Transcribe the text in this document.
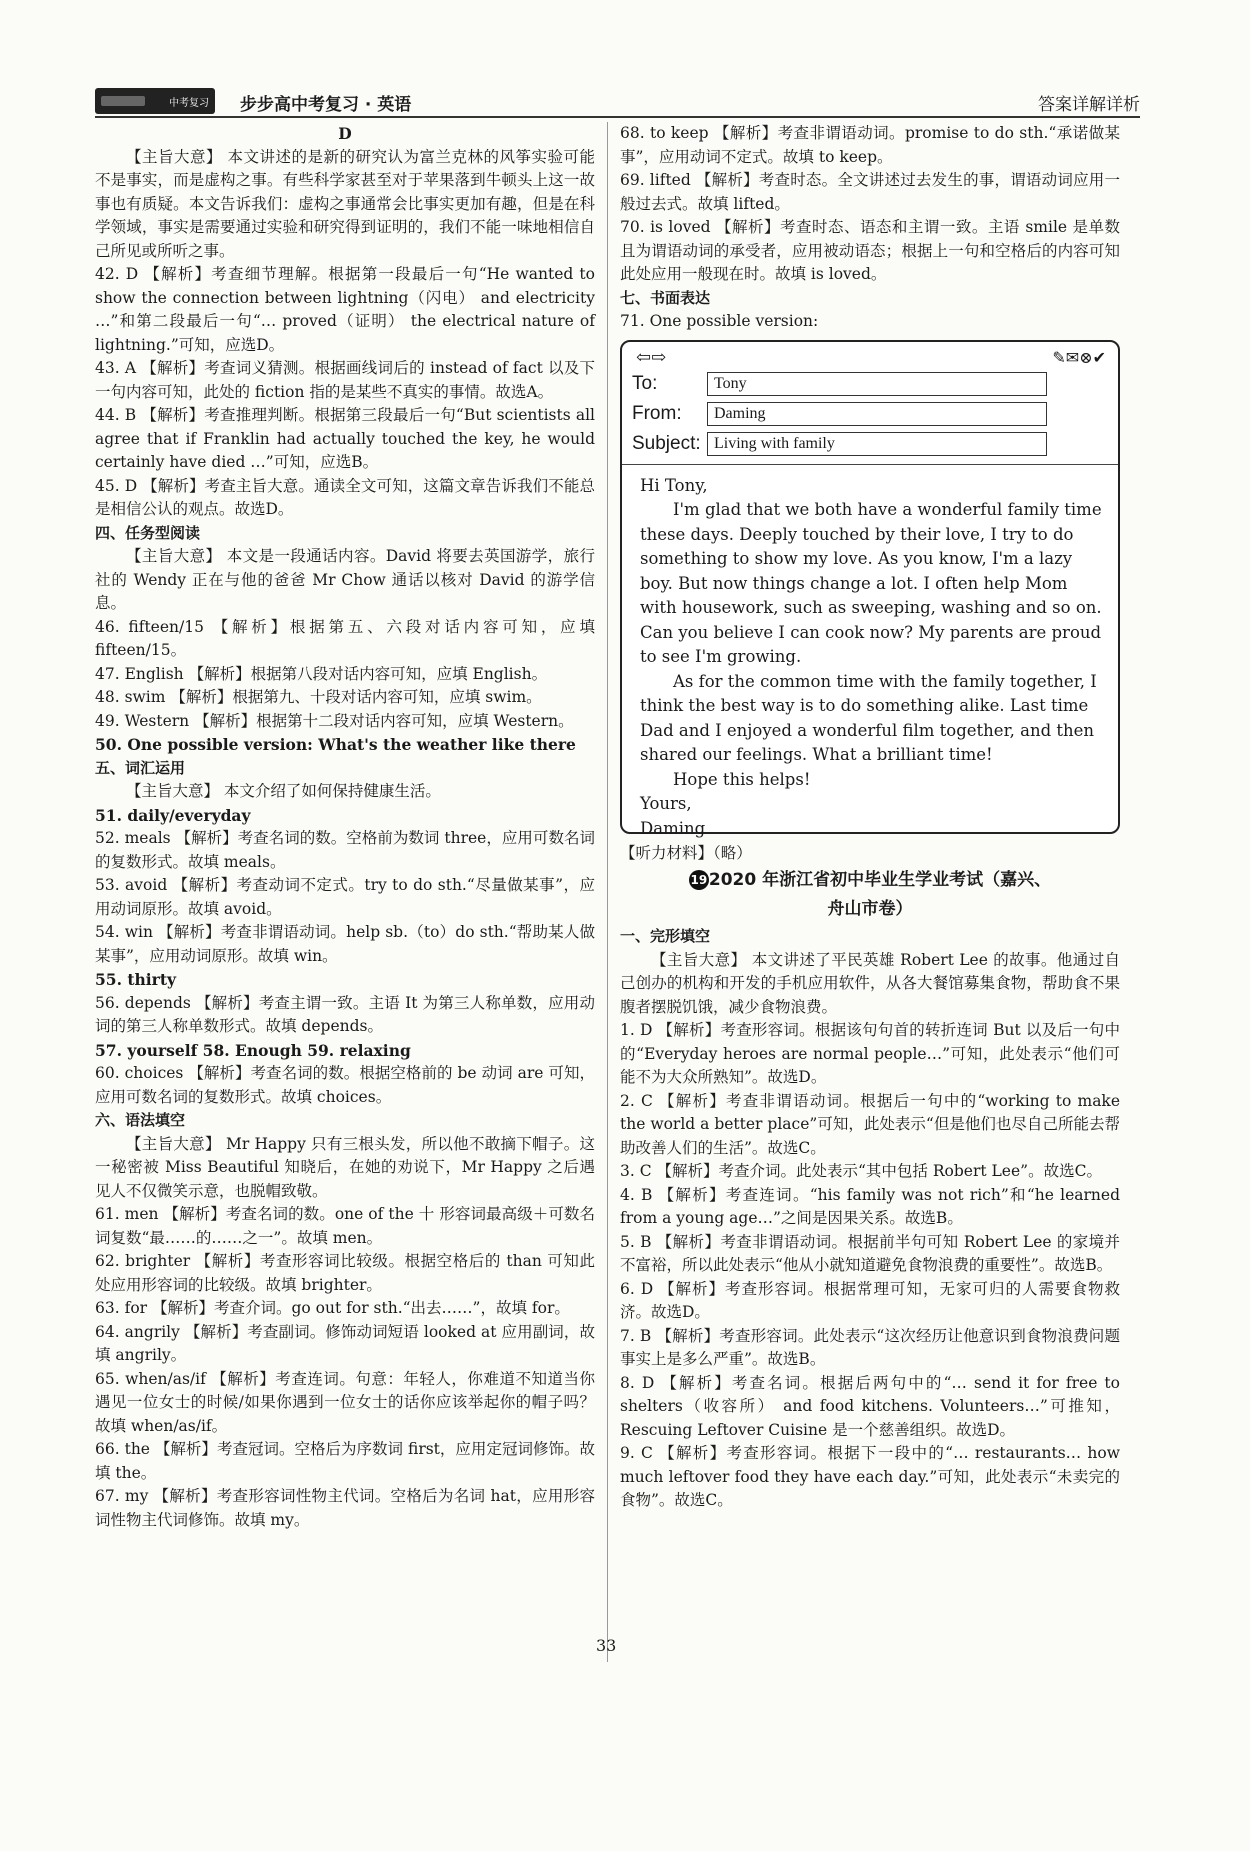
中考复习 步步高中考复习 · 英语	答案详解详析

D

【主旨大意】 本文讲述的是新的研究认为富兰克林的风筝实验可能不是事实，而是虚构之事。有些科学家甚至对于苹果落到牛顿头上这一故事也有质疑。本文告诉我们：虚构之事通常会比事实更加有趣，但是在科学领域，事实是需要通过实验和研究得到证明的，我们不能一味地相信自己所见或所听之事。

42. D 【解析】考查细节理解。根据第一段最后一句“He wanted to show the connection between lightning（闪电） and electricity …”和第二段最后一句“… proved（证明） the electrical nature of lightning.”可知，应选D。

43. A 【解析】考查词义猜测。根据画线词后的 instead of fact 以及下一句内容可知，此处的 fiction 指的是某些不真实的事情。故选A。

44. B 【解析】考查推理判断。根据第三段最后一句“But scientists all agree that if Franklin had actually touched the key, he would certainly have died …”可知，应选B。

45. D 【解析】考查主旨大意。通读全文可知，这篇文章告诉我们不能总是相信公认的观点。故选D。

四、任务型阅读

【主旨大意】 本文是一段通话内容。David 将要去英国游学，旅行社的 Wendy 正在与他的爸爸 Mr Chow 通话以核对 David 的游学信息。

46. fifteen/15 【解析】根据第五、六段对话内容可知，应填 fifteen/15。

47. English 【解析】根据第八段对话内容可知，应填 English。

48. swim 【解析】根据第九、十段对话内容可知，应填 swim。

49. Western 【解析】根据第十二段对话内容可知，应填 Western。

50. One possible version: What's the weather like there

五、词汇运用

【主旨大意】 本文介绍了如何保持健康生活。

51. daily/everyday

52. meals 【解析】考查名词的数。空格前为数词 three，应用可数名词的复数形式。故填 meals。

53. avoid 【解析】考查动词不定式。try to do sth.“尽量做某事”，应用动词原形。故填 avoid。

54. win 【解析】考查非谓语动词。help sb.（to）do sth.“帮助某人做某事”，应用动词原形。故填 win。

55. thirty

56. depends 【解析】考查主谓一致。主语 It 为第三人称单数，应用动词的第三人称单数形式。故填 depends。

57. yourself 58. Enough 59. relaxing

60. choices 【解析】考查名词的数。根据空格前的 be 动词 are 可知，应用可数名词的复数形式。故填 choices。

六、语法填空

【主旨大意】 Mr Happy 只有三根头发，所以他不敢摘下帽子。这一秘密被 Miss Beautiful 知晓后，在她的劝说下，Mr Happy 之后遇见人不仅微笑示意，也脱帽致敬。

61. men 【解析】考查名词的数。one of the 十 形容词最高级＋可数名词复数“最……的……之一”。故填 men。

62. brighter 【解析】考查形容词比较级。根据空格后的 than 可知此处应用形容词的比较级。故填 brighter。

63. for 【解析】考查介词。go out for sth.“出去……”，故填 for。

64. angrily 【解析】考查副词。修饰动词短语 looked at 应用副词，故填 angrily。

65. when/as/if 【解析】考查连词。句意：年轻人，你难道不知道当你遇见一位女士的时候/如果你遇到一位女士的话你应该举起你的帽子吗？故填 when/as/if。

66. the 【解析】考查冠词。空格后为序数词 first，应用定冠词修饰。故填 the。

67. my 【解析】考查形容词性物主代词。空格后为名词 hat，应用形容词性物主代词修饰。故填 my。

68. to keep 【解析】考查非谓语动词。promise to do sth.“承诺做某事”，应用动词不定式。故填 to keep。

69. lifted 【解析】考查时态。全文讲述过去发生的事，谓语动词应用一般过去式。故填 lifted。

70. is loved 【解析】考查时态、语态和主谓一致。主语 smile 是单数且为谓语动词的承受者，应用被动语态；根据上一句和空格后的内容可知此处应用一般现在时。故填 is loved。

七、书面表达

71. One possible version:

⇦⇨	✎✉⊗✔
To:	Tony
From:	Daming
Subject: Living with family

Hi Tony,

I'm glad that we both have a wonderful family time these days. Deeply touched by their love, I try to do something to show my love. As you know, I'm a lazy boy. But now things change a lot. I often help Mom with housework, such as sweeping, washing and so on. Can you believe I can cook now? My parents are proud to see I'm growing.

As for the common time with the family together, I think the best way is to do something alike. Last time Dad and I enjoyed a wonderful film together, and then shared our feelings. What a brilliant time!

Hope this helps!

Yours,

Daming

【听力材料】（略）

192020 年浙江省初中毕业生学业考试（嘉兴、

舟山市卷）

一、完形填空

【主旨大意】 本文讲述了平民英雄 Robert Lee 的故事。他通过自己创办的机构和开发的手机应用软件，从各大餐馆募集食物，帮助食不果腹者摆脱饥饿，减少食物浪费。

1. D 【解析】考查形容词。根据该句句首的转折连词 But 以及后一句中的“Everyday heroes are normal people…”可知，此处表示“他们可能不为大众所熟知”。故选D。

2. C 【解析】考查非谓语动词。根据后一句中的“working to make the world a better place”可知，此处表示“但是他们也尽自己所能去帮助改善人们的生活”。故选C。

3. C 【解析】考查介词。此处表示“其中包括 Robert Lee”。故选C。

4. B 【解析】考查连词。“his family was not rich”和“he learned from a young age…”之间是因果关系。故选B。

5. B 【解析】考查非谓语动词。根据前半句可知 Robert Lee 的家境并不富裕，所以此处表示“他从小就知道避免食物浪费的重要性”。故选B。

6. D 【解析】考查形容词。根据常理可知，无家可归的人需要食物救济。故选D。

7. B 【解析】考查形容词。此处表示“这次经历让他意识到食物浪费问题事实上是多么严重”。故选B。

8. D 【解析】考查名词。根据后两句中的“… send it for free to shelters（收容所） and food kitchens. Volunteers…”可推知，Rescuing Leftover Cuisine 是一个慈善组织。故选D。

9. C 【解析】考查形容词。根据下一段中的“… restaurants… how much leftover food they have each day.”可知，此处表示“未卖完的食物”。故选C。

33
